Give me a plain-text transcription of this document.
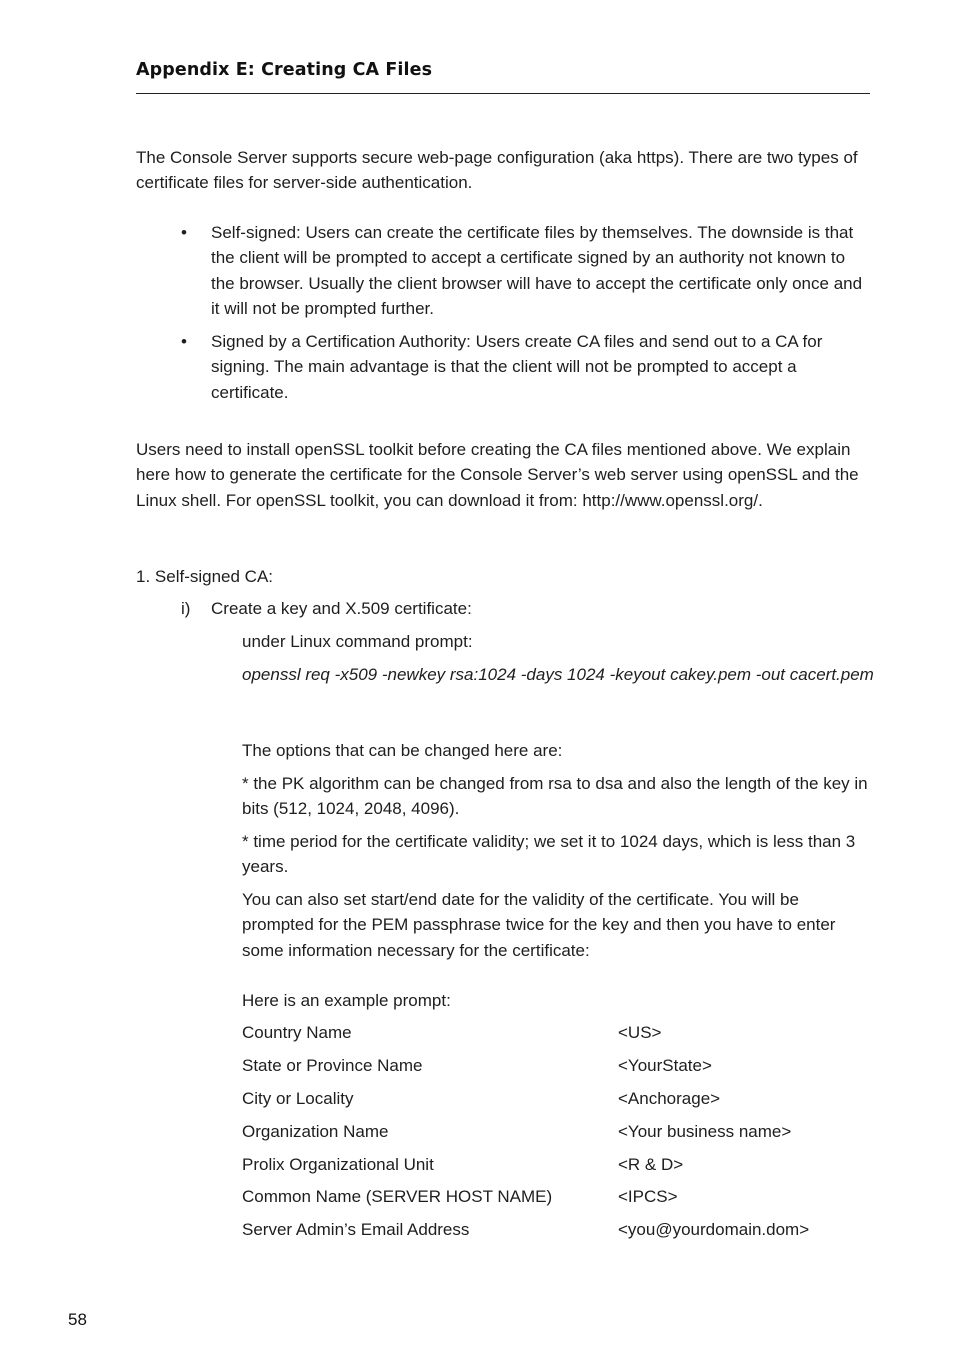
Appendix E: Creating CA Files

The Console Server supports secure web-page configuration (aka https). There are two types of certificate files for server-side authentication.

• Self-signed: Users can create the certificate files by themselves. The downside is that the client will be prompted to accept a certificate signed by an authority not known to the browser. Usually the client browser will have to accept the certificate only once and it will not be prompted further.

• Signed by a Certification Authority: Users create CA files and send out to a CA for signing. The main advantage is that the client will not be prompted to accept a certificate.

Users need to install openSSL toolkit before creating the CA files mentioned above. We explain here how to generate the certificate for the Console Server’s web server using openSSL and the Linux shell. For openSSL toolkit, you can download it from: http://www.openssl.org/.

1. Self-signed CA:

i) Create a key and X.509 certificate:

under Linux command prompt:

openssl req -x509 -newkey rsa:1024 -days 1024 -keyout cakey.pem -out cacert.pem

The options that can be changed here are:

* the PK algorithm can be changed from rsa to dsa and also the length of the key in bits (512, 1024, 2048, 4096).

* time period for the certificate validity; we set it to 1024 days, which is less than 3 years.

You can also set start/end date for the validity of the certificate. You will be prompted for the PEM passphrase twice for the key and then you have to enter some information necessary for the certificate:

Here is an example prompt:

Country Name	<US>
State or Province Name	<YourState>
City or Locality	<Anchorage>
Organization Name	<Your business name>
Prolix Organizational Unit	<R & D>
Common Name (SERVER HOST NAME)	<IPCS>
Server Admin’s Email Address	<you@yourdomain.dom>
58
